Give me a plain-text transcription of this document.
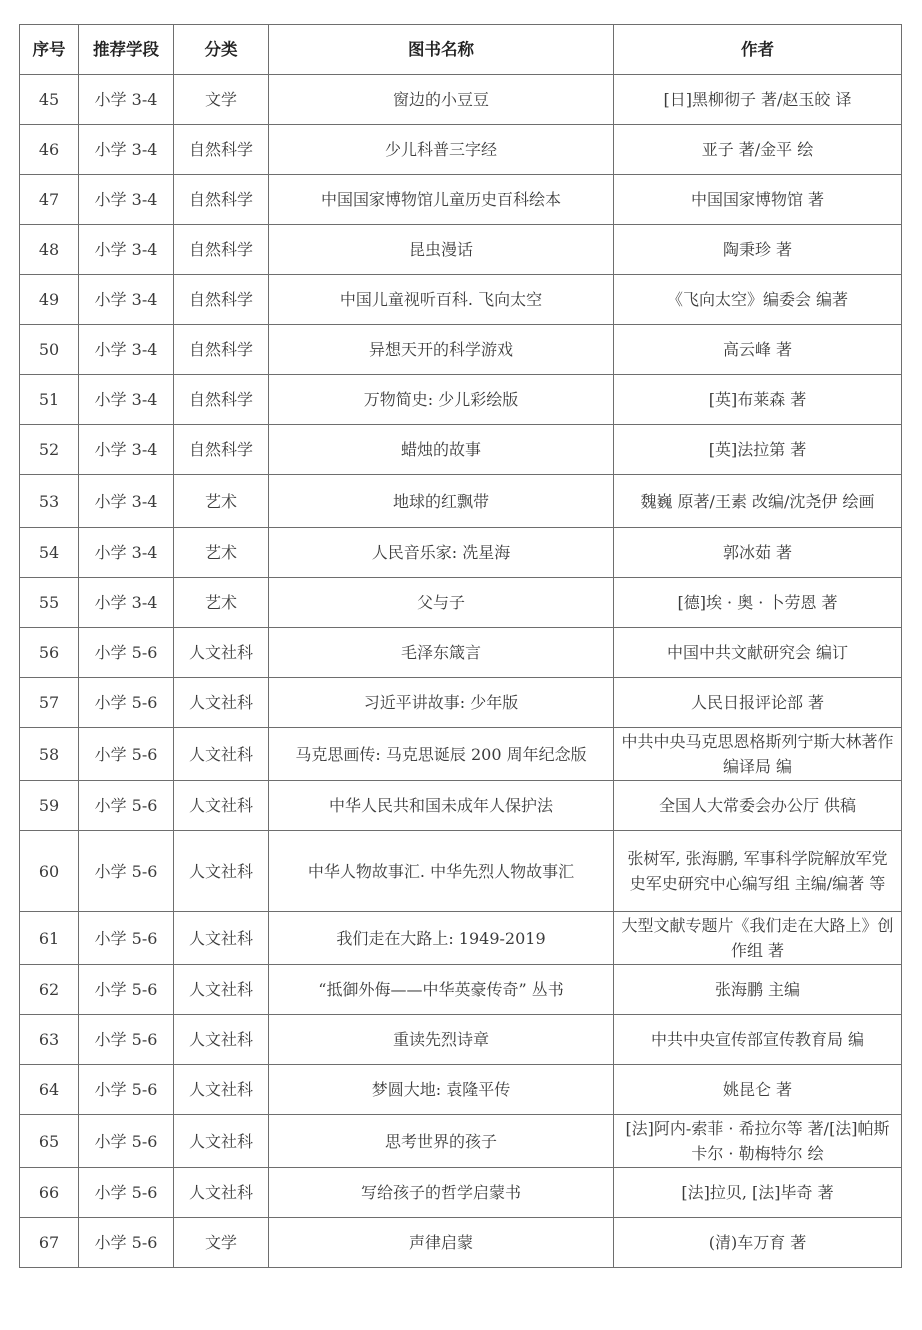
序号	推荐学段	分类	图书名称	作者
45	小学 3-4	文学	窗边的小豆豆	[日]黑柳彻子 著/赵玉皎 译
46	小学 3-4	自然科学	少儿科普三字经	亚子 著/金平 绘
47	小学 3-4	自然科学	中国国家博物馆儿童历史百科绘本	中国国家博物馆 著
48	小学 3-4	自然科学	昆虫漫话	陶秉珍 著
49	小学 3-4	自然科学	中国儿童视听百科. 飞向太空	《飞向太空》编委会 编著
50	小学 3-4	自然科学	异想天开的科学游戏	高云峰 著
51	小学 3-4	自然科学	万物简史: 少儿彩绘版	[英]布莱森 著
52	小学 3-4	自然科学	蜡烛的故事	[英]法拉第 著
53	小学 3-4	艺术	地球的红飘带	魏巍 原著/王素 改编/沈尧伊 绘画
54	小学 3-4	艺术	人民音乐家: 冼星海	郭冰茹 著
55	小学 3-4	艺术	父与子	[德]埃 · 奥 · 卜劳恩 著
56	小学 5-6	人文社科	毛泽东箴言	中国中共文献研究会 编订
57	小学 5-6	人文社科	习近平讲故事: 少年版	人民日报评论部 著
58	小学 5-6	人文社科	马克思画传: 马克思诞辰 200 周年纪念版	中共中央马克思恩格斯列宁斯大林著作编译局 编
59	小学 5-6	人文社科	中华人民共和国未成年人保护法	全国人大常委会办公厅 供稿
60	小学 5-6	人文社科	中华人物故事汇. 中华先烈人物故事汇	张树军, 张海鹏, 军事科学院解放军党史军史研究中心编写组 主编/编著 等
61	小学 5-6	人文社科	我们走在大路上: 1949-2019	大型文献专题片《我们走在大路上》创作组 著
62	小学 5-6	人文社科	“抵御外侮——中华英豪传奇” 丛书	张海鹏 主编
63	小学 5-6	人文社科	重读先烈诗章	中共中央宣传部宣传教育局 编
64	小学 5-6	人文社科	梦圆大地: 袁隆平传	姚昆仑 著
65	小学 5-6	人文社科	思考世界的孩子	[法]阿内-索菲 · 希拉尔等 著/[法]帕斯卡尔 · 勒梅特尔 绘
66	小学 5-6	人文社科	写给孩子的哲学启蒙书	[法]拉贝, [法]毕奇 著
67	小学 5-6	文学	声律启蒙	(清)车万育 著
